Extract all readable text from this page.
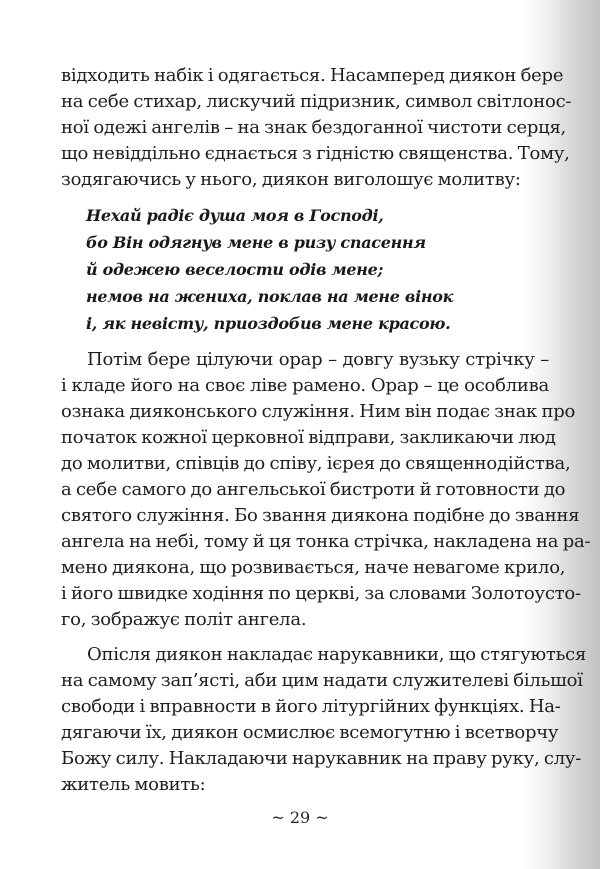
відходить набік і одягається. Насамперед диякон бере
на себе стихар, лискучий підризник, символ світлонос-
ної одежі ангелів – на знак бездоганної чистоти серця,
що невіддільно єднається з гідністю священства. Тому,
зодягаючись у нього, диякон виголошує молитву:

Нехай радіє душа моя в Господі,
бо Він одягнув мене в ризу спасення
й одежею веселости одів мене;
немов на жениха, поклав на мене вінок
і, як невісту, приоздобив мене красою.

Потім бере цілуючи орар – довгу вузьку стрічку –
і кладе його на своє ліве рамено. Орар – це особлива
ознака дияконського служіння. Ним він подає знак про
початок кожної церковної відправи, закликаючи люд
до молитви, співців до співу, ієрея до священнодійства,
а себе самого до ангельської бистроти й готовности до
святого служіння. Бо звання диякона подібне до звання
ангела на небі, тому й ця тонка стрічка, накладена на ра-
мено диякона, що розвивається, наче невагоме крило,
і його швидке ходіння по церкві, за словами Золотоусто-
го, зображує політ ангела.

Опісля диякон накладає нарукавники, що стягуються
на самому зап’ясті, аби цим надати служителеві більшої
свободи і вправности в його літургійних функціях. На-
дягаючи їх, диякон осмислює всемогутню і всетворчу
Божу силу. Накладаючи нарукавник на праву руку, слу-
житель мовить:

~ 29 ~
